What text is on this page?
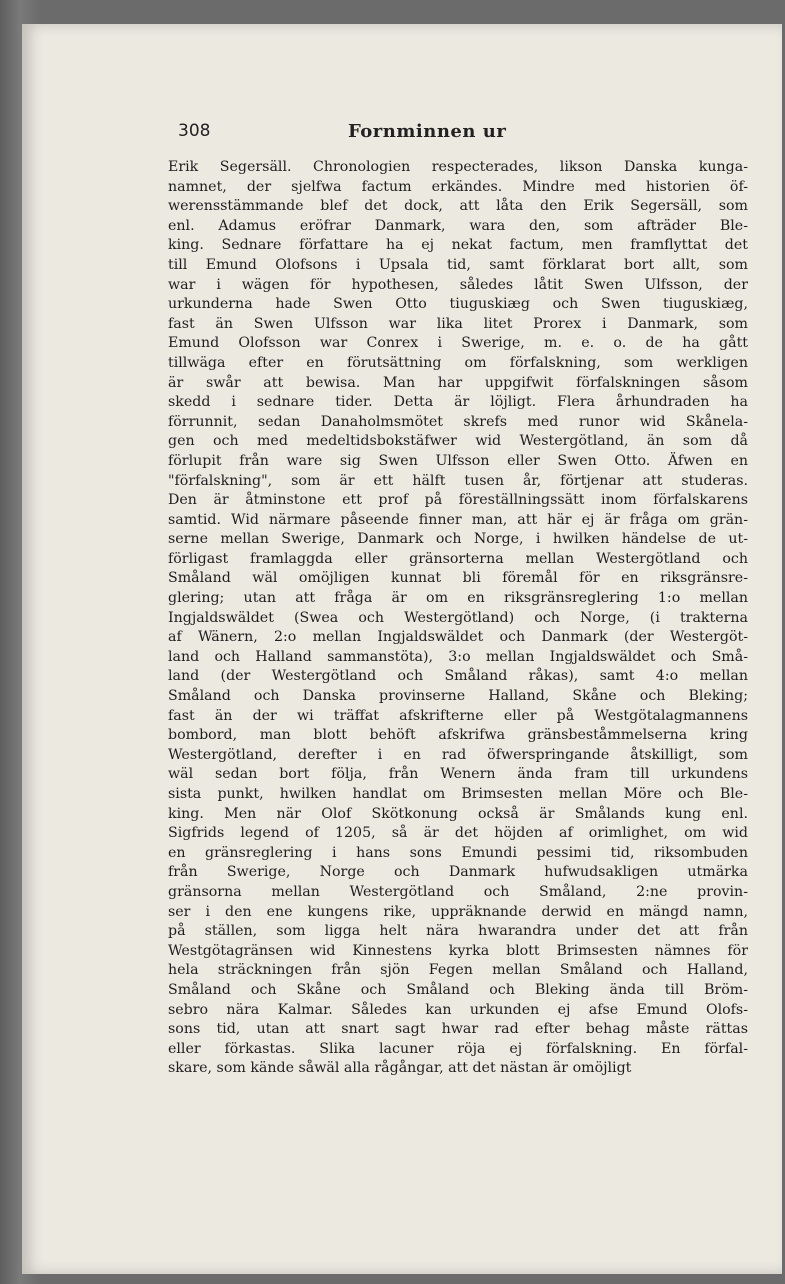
308	Fornminnen ur
Erik Segersäll. Chronologien respecterades, likson Danska kunga-
namnet, der sjelfwa factum erkändes. Mindre med historien öf-
werensstämmande blef det dock, att låta den Erik Segersäll, som
enl. Adamus eröfrar Danmark, wara den, som afträder Ble-
king. Sednare författare ha ej nekat factum, men framflyttat det
till Emund Olofsons i Upsala tid, samt förklarat bort allt, som
war i wägen för hypothesen, således låtit Swen Ulfsson, der
urkunderna hade Swen Otto tiuguskiæg och Swen tiuguskiæg,
fast än Swen Ulfsson war lika litet Prorex i Danmark, som
Emund Olofsson war Conrex i Swerige, m. e. o. de ha gått
tillwäga efter en förutsättning om förfalskning, som werkligen
är swår att bewisa. Man har uppgifwit förfalskningen såsom
skedd i sednare tider. Detta är löjligt. Flera århundraden ha
förrunnit, sedan Danaholmsmötet skrefs med runor wid Skånela-
gen och med medeltidsbokstäfwer wid Westergötland, än som då
förlupit från ware sig Swen Ulfsson eller Swen Otto. Äfwen en
"förfalskning", som är ett hälft tusen år, förtjenar att studeras.
Den är åtminstone ett prof på föreställningssätt inom förfalskarens
samtid. Wid närmare påseende finner man, att här ej är fråga om grän-
serne mellan Swerige, Danmark och Norge, i hwilken händelse de ut-
förligast framlaggda eller gränsorterna mellan Westergötland och
Småland wäl omöjligen kunnat bli föremål för en riksgränsre-
glering; utan att fråga är om en riksgränsreglering 1:o mellan
Ingjaldswäldet (Swea och Westergötland) och Norge, (i trakterna
af Wänern, 2:o mellan Ingjaldswäldet och Danmark (der Westergöt-
land och Halland sammanstöta), 3:o mellan Ingjaldswäldet och Små-
land (der Westergötland och Småland råkas), samt 4:o mellan
Småland och Danska provinserne Halland, Skåne och Bleking;
fast än der wi träffat afskrifterne eller på Westgötalagmannens
bombord, man blott behöft afskrifwa gränsbeståmmelserna kring
Westergötland, derefter i en rad öfwerspringande åtskilligt, som
wäl sedan bort följa, från Wenern ända fram till urkundens
sista punkt, hwilken handlat om Brimsesten mellan Möre och Ble-
king. Men när Olof Skötkonung också är Smålands kung enl.
Sigfrids legend of 1205, så är det höjden af orimlighet, om wid
en gränsreglering i hans sons Emundi pessimi tid, riksombuden
från Swerige, Norge och Danmark hufwudsakligen utmärka
gränsorna mellan Westergötland och Småland, 2:ne provin-
ser i den ene kungens rike, uppräknande derwid en mängd namn,
på ställen, som ligga helt nära hwarandra under det att från
Westgötagränsen wid Kinnestens kyrka blott Brimsesten nämnes för
hela sträckningen från sjön Fegen mellan Småland och Halland,
Småland och Skåne och Småland och Bleking ända till Bröm-
sebro nära Kalmar. Således kan urkunden ej afse Emund Olofs-
sons tid, utan att snart sagt hwar rad efter behag måste rättas
eller förkastas. Slika lacuner röja ej förfalskning. En förfal-
skare, som kände såwäl alla rågångar, att det nästan är omöjligt
